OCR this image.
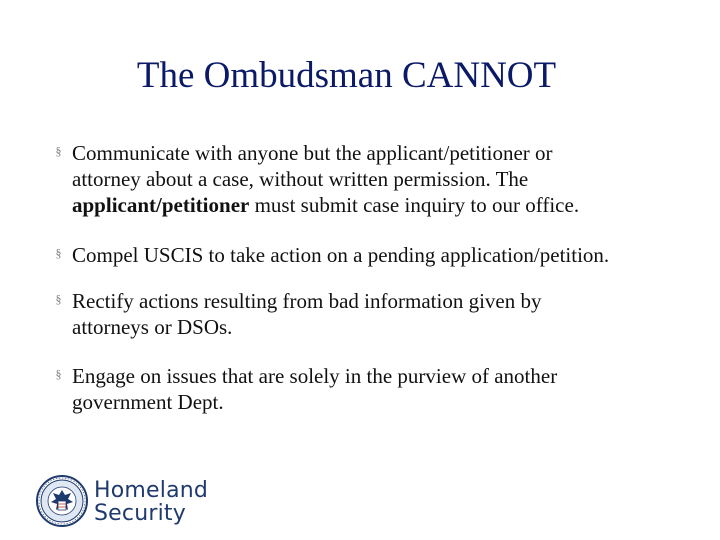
The Ombudsman CANNOT
§ Communicate with anyone but the applicant/petitioner or
attorney about a case, without written permission. The
applicant/petitioner must submit case inquiry to our office.
§ Compel USCIS to take action on a pending application/petition.
§ Rectify actions resulting from bad information given by
attorneys or DSOs.
§ Engage on issues that are solely in the purview of another
government Dept.
Homeland
Security
